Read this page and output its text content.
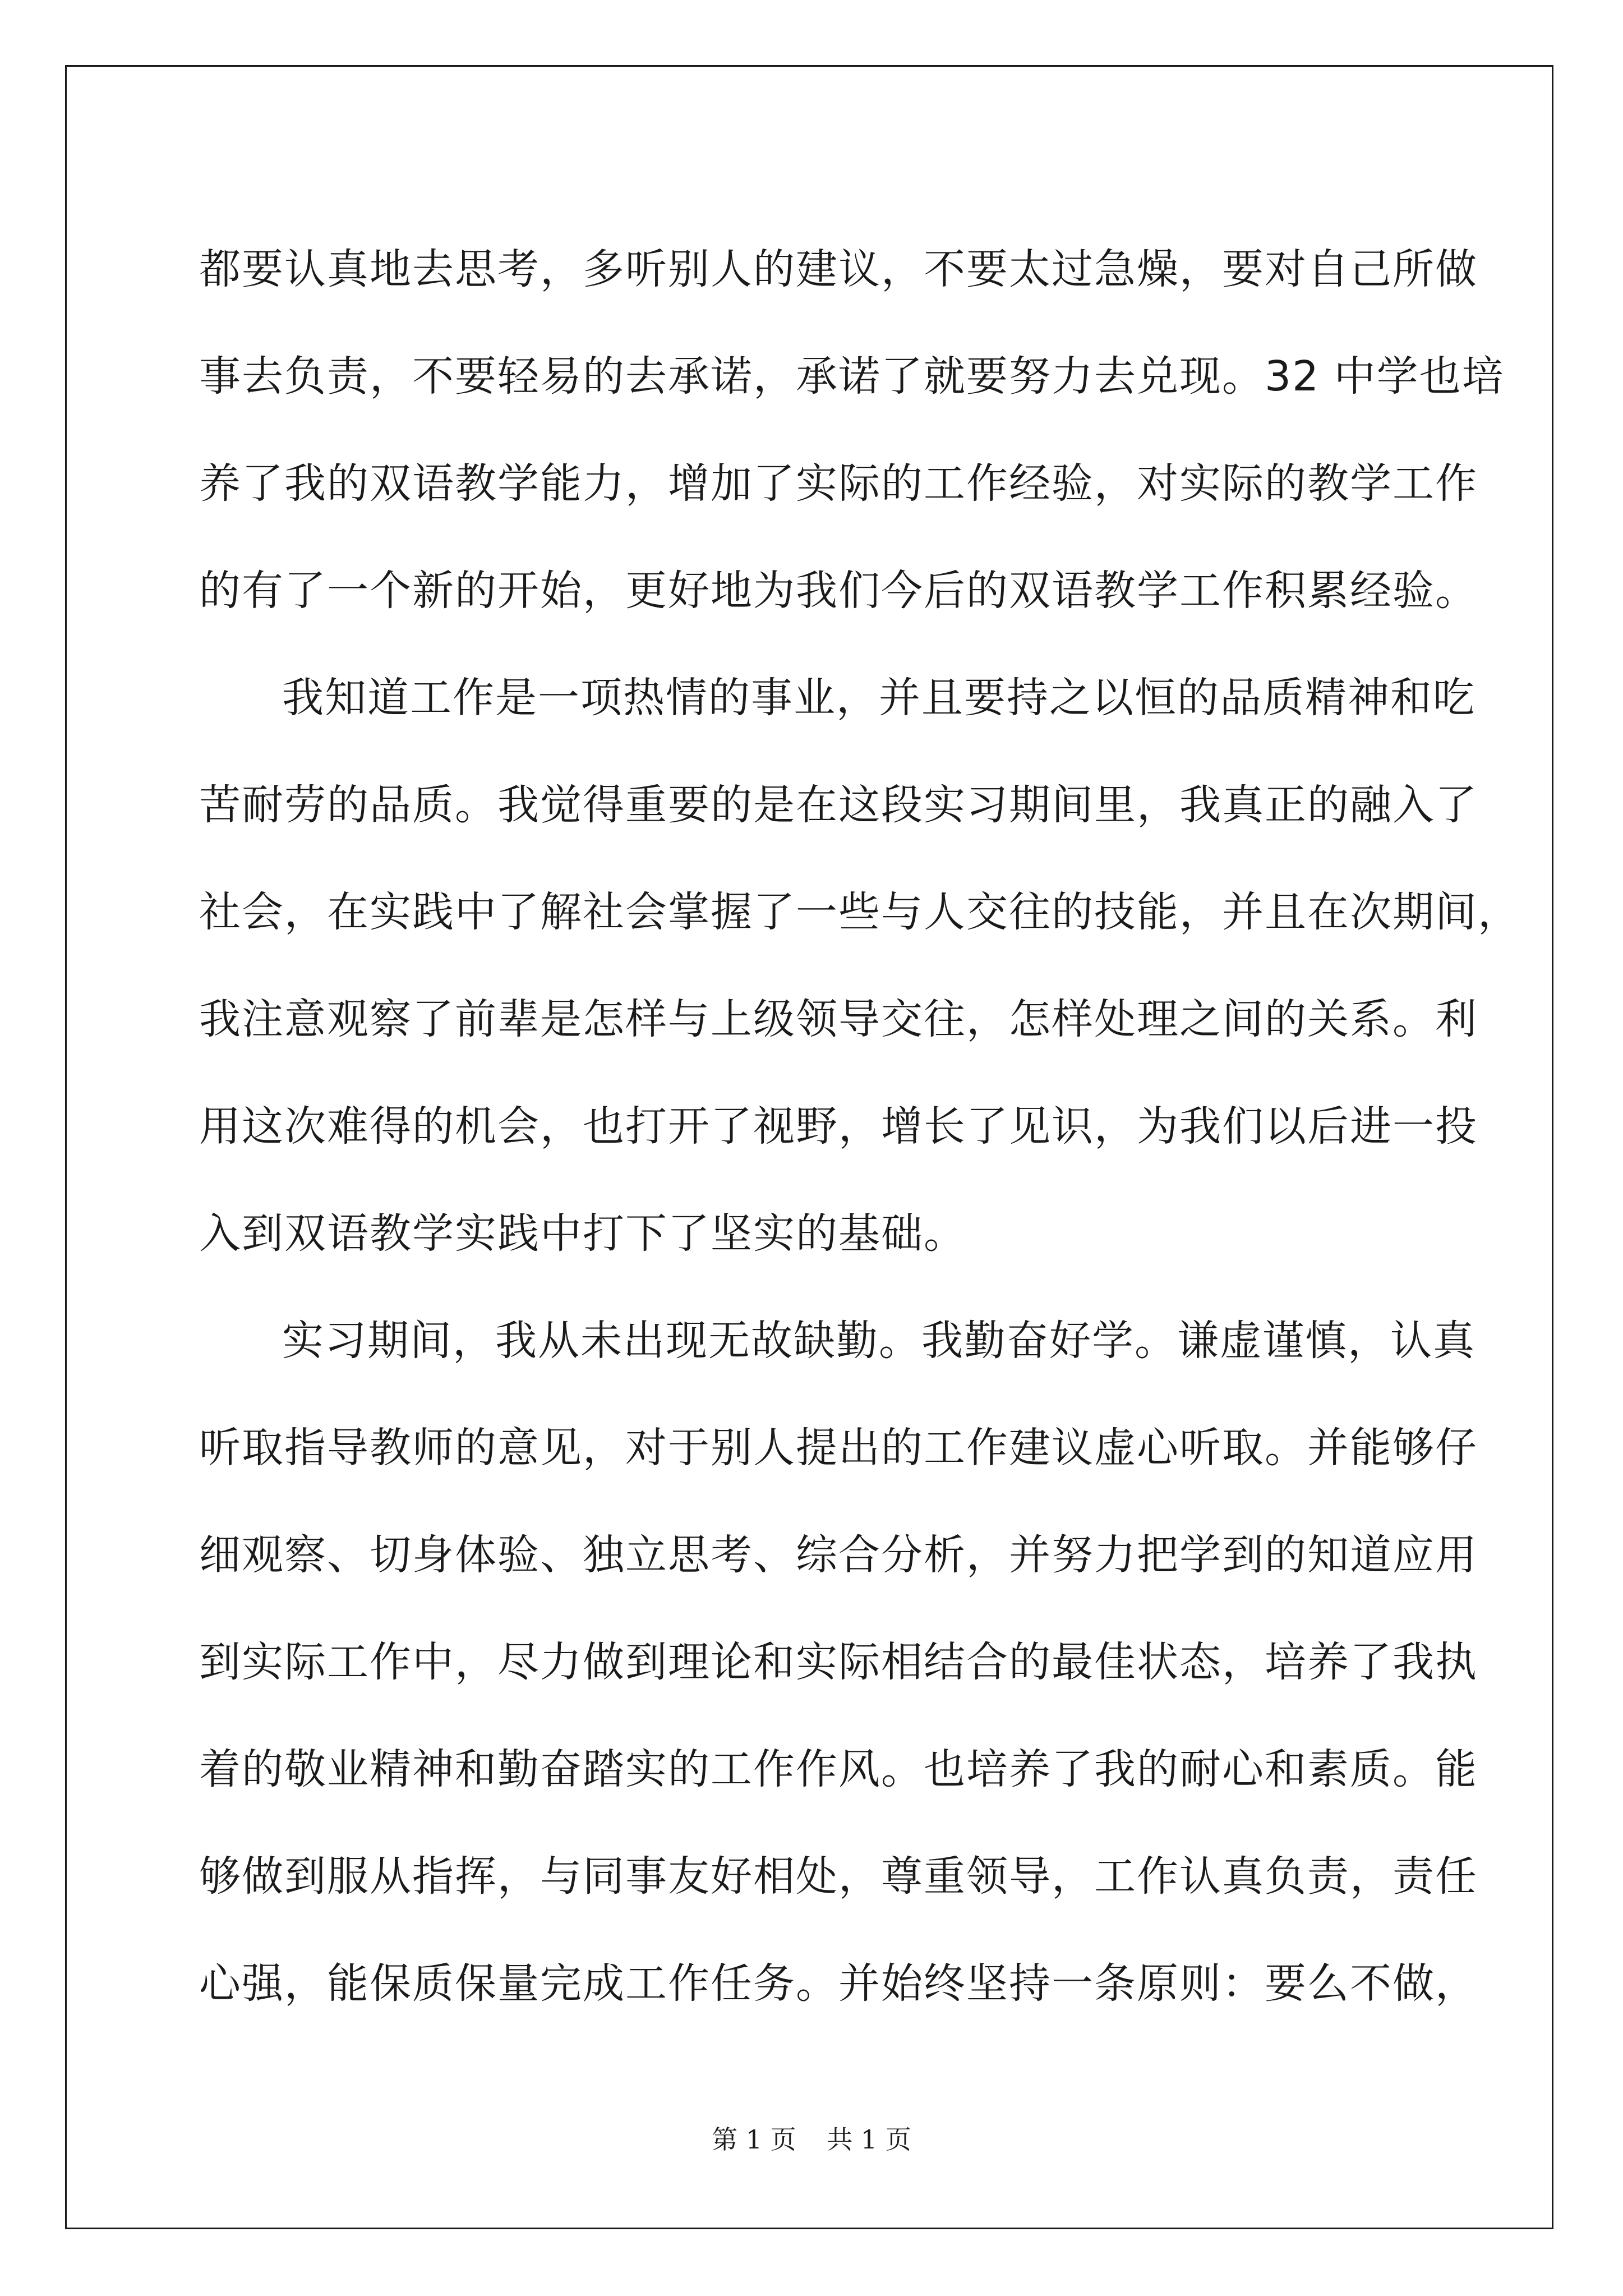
都要认真地去思考，多听别人的建议，不要太过急燥，要对自己所做
事去负责，不要轻易的去承诺，承诺了就要努力去兑现。32 中学也培
养了我的双语教学能力，增加了实际的工作经验，对实际的教学工作
的有了一个新的开始，更好地为我们今后的双语教学工作积累经验。
我知道工作是一项热情的事业，并且要持之以恒的品质精神和吃
苦耐劳的品质。我觉得重要的是在这段实习期间里，我真正的融入了
社会，在实践中了解社会掌握了一些与人交往的技能，并且在次期间，
我注意观察了前辈是怎样与上级领导交往，怎样处理之间的关系。利
用这次难得的机会，也打开了视野，增长了见识，为我们以后进一投
入到双语教学实践中打下了坚实的基础。
实习期间，我从未出现无故缺勤。我勤奋好学。谦虚谨慎，认真
听取指导教师的意见，对于别人提出的工作建议虚心听取。并能够仔
细观察、切身体验、独立思考、综合分析，并努力把学到的知道应用
到实际工作中，尽力做到理论和实际相结合的最佳状态，培养了我执
着的敬业精神和勤奋踏实的工作作风。也培养了我的耐心和素质。能
够做到服从指挥，与同事友好相处，尊重领导，工作认真负责，责任
心强，能保质保量完成工作任务。并始终坚持一条原则：要么不做，
第 1 页 共 1 页
